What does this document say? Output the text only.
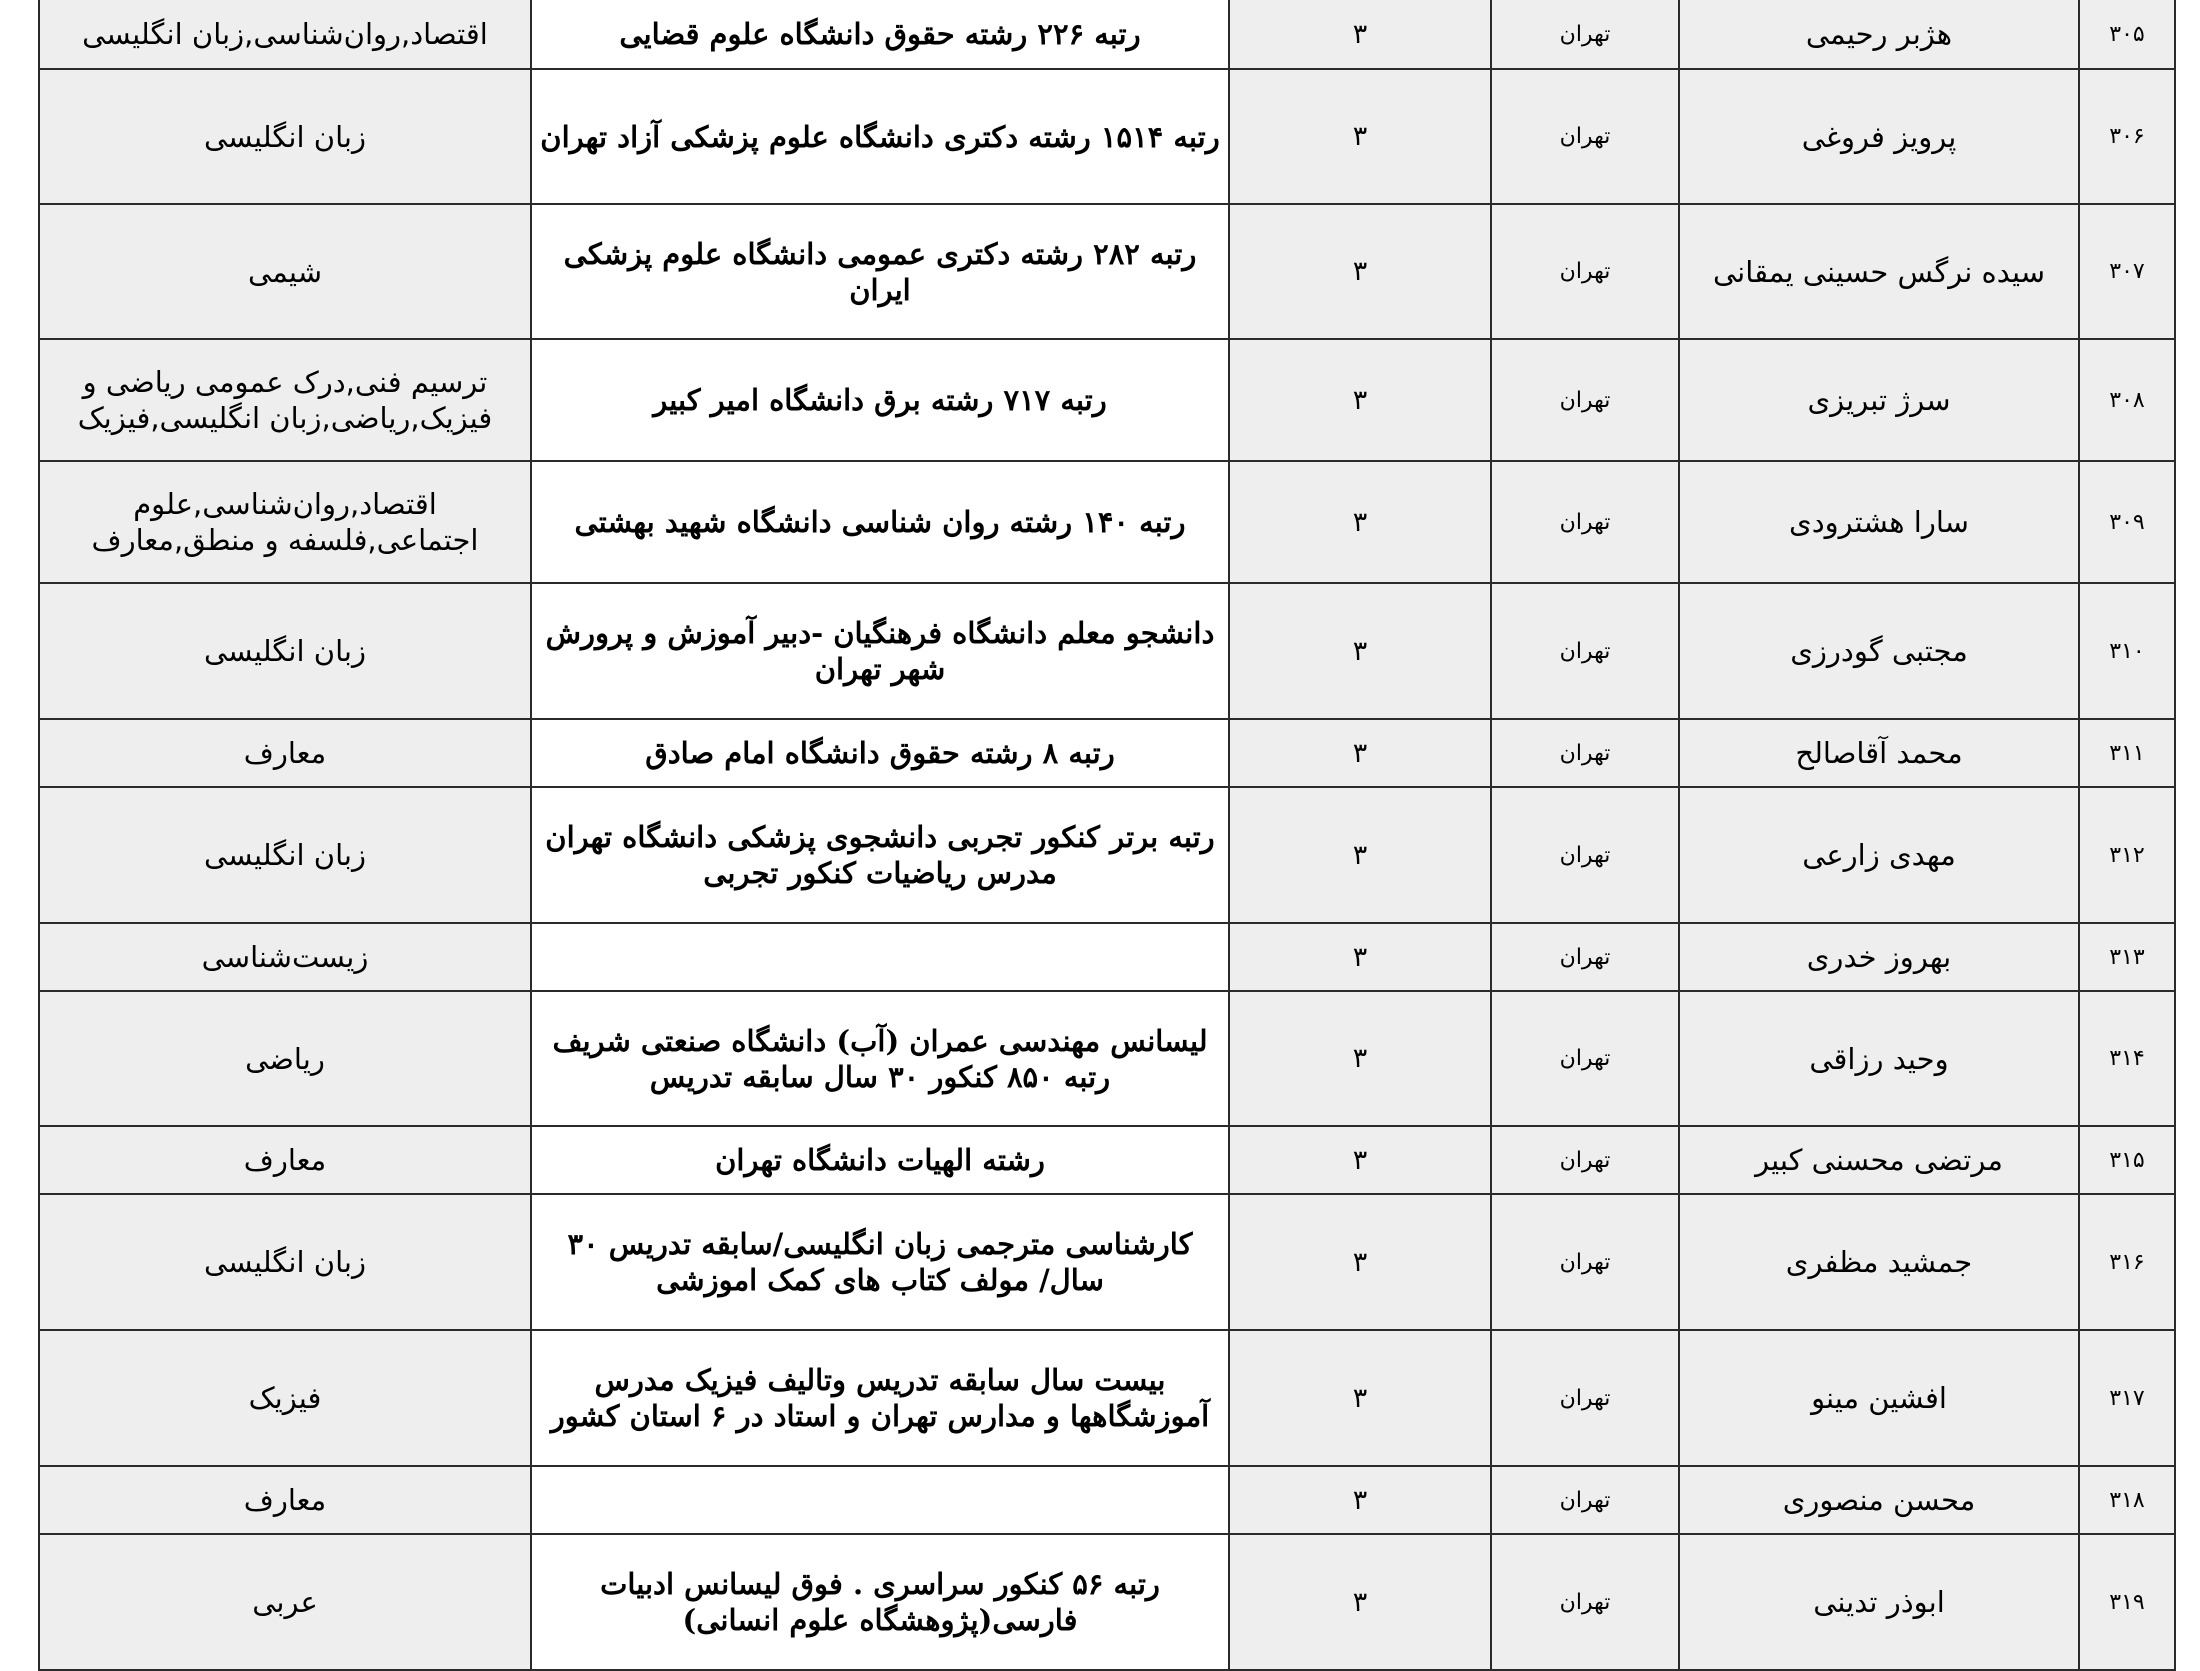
۳۰۵	هژبر رحیمی	تهران	۳	رتبه ۲۲۶ رشته حقوق دانشگاه علوم قضایی	اقتصاد,روان‌شناسی,زبان انگلیسی
۳۰۶	پرویز فروغی	تهران	۳	رتبه ۱۵۱۴ رشته دکتری دانشگاه علوم پزشکی آزاد تهران	زبان انگلیسی
۳۰۷	سیده نرگس حسینی یمقانی	تهران	۳	رتبه ۲۸۲ رشته دکتری عمومی دانشگاه علوم پزشکی ایران	شیمی
۳۰۸	سرژ تبریزی	تهران	۳	رتبه ۷۱۷ رشته برق دانشگاه امیر کبیر	ترسیم فنی,درک عمومی ریاضی و فیزیک,ریاضی,زبان انگلیسی,فیزیک
۳۰۹	سارا هشترودی	تهران	۳	رتبه ۱۴۰ رشته روان شناسی دانشگاه شهید بهشتی	اقتصاد,روان‌شناسی,علوم اجتماعی,فلسفه و منطق,معارف
۳۱۰	مجتبی گودرزی	تهران	۳	دانشجو معلم دانشگاه فرهنگیان -دبیر آموزش و پرورش شهر تهران	زبان انگلیسی
۳۱۱	محمد آقاصالح	تهران	۳	رتبه ۸ رشته حقوق دانشگاه امام صادق	معارف
۳۱۲	مهدی زارعی	تهران	۳	رتبه برتر کنکور تجربی دانشجوی پزشکی دانشگاه تهران مدرس ریاضیات کنکور تجربی	زبان انگلیسی
۳۱۳	بهروز خدری	تهران	۳		زیست‌شناسی
۳۱۴	وحید رزاقی	تهران	۳	لیسانس مهندسی عمران (آب) دانشگاه صنعتی شریف رتبه ۸۵۰ کنکور ۳۰ سال سابقه تدریس	ریاضی
۳۱۵	مرتضی محسنی کبیر	تهران	۳	رشته الهیات دانشگاه تهران	معارف
۳۱۶	جمشید مظفری	تهران	۳	کارشناسی مترجمی زبان انگلیسی/سابقه تدریس ۳۰ سال/ مولف کتاب های کمک اموزشی	زبان انگلیسی
۳۱۷	افشین مینو	تهران	۳	بیست سال سابقه تدریس وتالیف فیزیک مدرس آموزشگاهها و مدارس تهران و استاد در ۶ استان کشور	فیزیک
۳۱۸	محسن منصوری	تهران	۳		معارف
۳۱۹	ابوذر تدینی	تهران	۳	رتبه ۵۶ کنکور سراسری . فوق لیسانس ادبیات فارسی(پژوهشگاه علوم انسانی)	عربی
